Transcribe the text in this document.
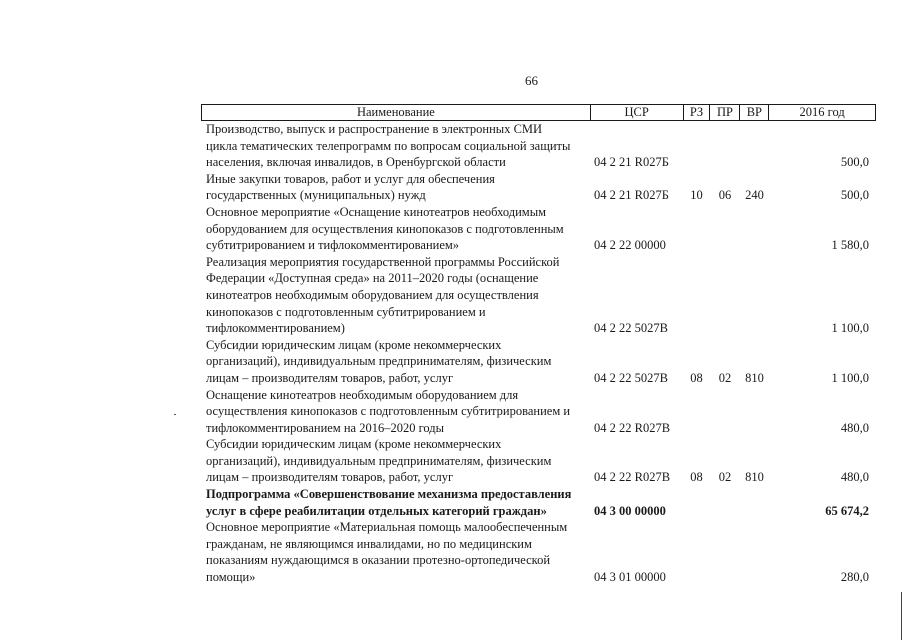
66
Наименование	ЦСР	РЗ	ПР	ВР	2016 год
Производство, выпуск и распространение в электронных СМИ
цикла тематических телепрограмм по вопросам социальной защиты
населения, включая инвалидов, в Оренбургской области	04 2 21 R027Б	500,0
Иные закупки товаров, работ и услуг для обеспечения
государственных (муниципальных) нужд	04 2 21 R027Б	10	06	240	500,0
Основное мероприятие «Оснащение кинотеатров необходимым
оборудованием для осуществления кинопоказов с подготовленным
субтитрированием и тифлокомментированием»	04 2 22 00000	1 580,0
Реализация мероприятия государственной программы Российской
Федерации «Доступная среда» на 2011–2020 годы (оснащение
кинотеатров необходимым оборудованием для осуществления
кинопоказов с подготовленным субтитрированием и
тифлокомментированием)	04 2 22 5027В	1 100,0
Субсидии юридическим лицам (кроме некоммерческих
организаций), индивидуальным предпринимателям, физическим
лицам – производителям товаров, работ, услуг	04 2 22 5027В	08	02	810	1 100,0
Оснащение кинотеатров необходимым оборудованием для
осуществления кинопоказов с подготовленным субтитрированием и
тифлокомментированием на 2016–2020 годы	04 2 22 R027В	480,0
Субсидии юридическим лицам (кроме некоммерческих
организаций), индивидуальным предпринимателям, физическим
лицам – производителям товаров, работ, услуг	04 2 22 R027В	08	02	810	480,0
Подпрограмма «Совершенствование механизма предоставления
услуг в сфере реабилитации отдельных категорий граждан»	04 3 00 00000	65 674,2
Основное мероприятие «Материальная помощь малообеспеченным
гражданам, не являющимся инвалидами, но по медицинским
показаниям нуждающимся в оказании протезно-ортопедической
помощи»	04 3 01 00000	280,0
